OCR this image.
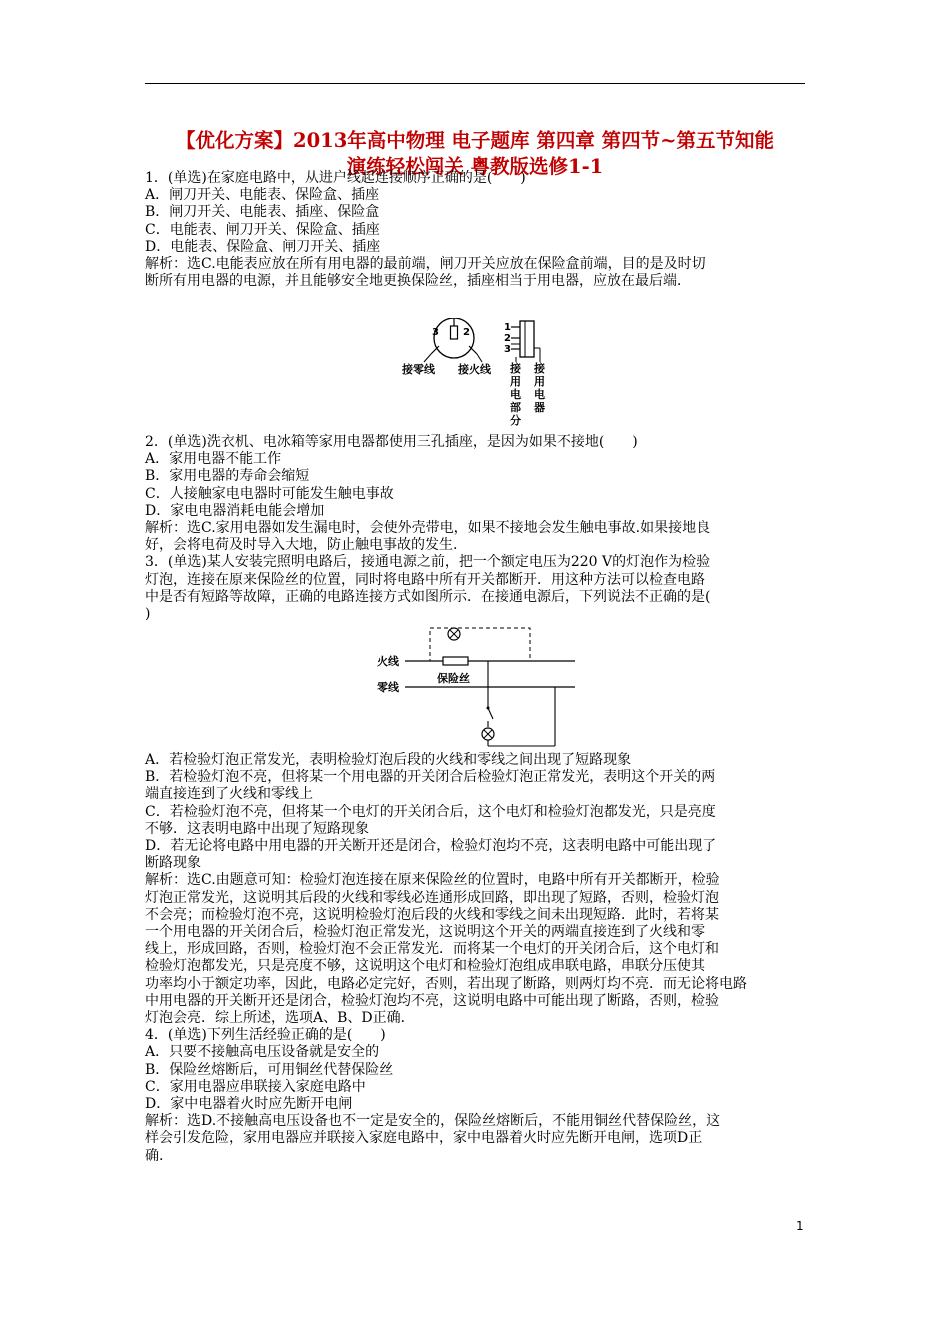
【优化方案】2013年高中物理 电子题库 第四章 第四节~第五节知能
演练轻松闯关 粤教版选修1-1
1．(单选)在家庭电路中，从进户线起连接顺序正确的是(　　)
A．闸刀开关、电能表、保险盒、插座
B．闸刀开关、电能表、插座、保险盒
C．电能表、闸刀开关、保险盒、插座
D．电能表、保险盒、闸刀开关、插座
解析：选C.电能表应放在所有用电器的最前端，闸刀开关应放在保险盒前端，目的是及时切
断所有用电器的电源，并且能够安全地更换保险丝，插座相当于用电器，应放在最后端．
3 2
接零线 接火线
1
2
3
接用电部分
接用电器
2．(单选)洗衣机、电冰箱等家用电器都使用三孔插座，是因为如果不接地(　　)
A．家用电器不能工作
B．家用电器的寿命会缩短
C．人接触家电电器时可能发生触电事故
D．家电电器消耗电能会增加
解析：选C.家用电器如发生漏电时，会使外壳带电，如果不接地会发生触电事故.如果接地良
好，会将电荷及时导入大地，防止触电事故的发生.
3．(单选)某人安装完照明电路后，接通电源之前，把一个额定电压为220 V的灯泡作为检验
灯泡，连接在原来保险丝的位置，同时将电路中所有开关都断开．用这种方法可以检查电路
中是否有短路等故障，正确的电路连接方式如图所示．在接通电源后，下列说法不正确的是(
)
火线
保险丝
零线
A．若检验灯泡正常发光，表明检验灯泡后段的火线和零线之间出现了短路现象
B．若检验灯泡不亮，但将某一个用电器的开关闭合后检验灯泡正常发光，表明这个开关的两
端直接连到了火线和零线上
C．若检验灯泡不亮，但将某一个电灯的开关闭合后，这个电灯和检验灯泡都发光，只是亮度
不够．这表明电路中出现了短路现象
D．若无论将电路中用电器的开关断开还是闭合，检验灯泡均不亮，这表明电路中可能出现了
断路现象
解析：选C.由题意可知：检验灯泡连接在原来保险丝的位置时，电路中所有开关都断开，检验
灯泡正常发光，这说明其后段的火线和零线必连通形成回路，即出现了短路，否则，检验灯泡
不会亮；而检验灯泡不亮，这说明检验灯泡后段的火线和零线之间未出现短路．此时，若将某
一个用电器的开关闭合后，检验灯泡正常发光，这说明这个开关的两端直接连到了火线和零
线上，形成回路，否则，检验灯泡不会正常发光．而将某一个电灯的开关闭合后，这个电灯和
检验灯泡都发光，只是亮度不够，这说明这个电灯和检验灯泡组成串联电路，串联分压使其
功率均小于额定功率，因此，电路必定完好，否则，若出现了断路，则两灯均不亮．而无论将电路
中用电器的开关断开还是闭合，检验灯泡均不亮，这说明电路中可能出现了断路，否则，检验
灯泡会亮．综上所述，选项A、B、D正确．
4．(单选)下列生活经验正确的是(　　)
A．只要不接触高电压设备就是安全的
B．保险丝熔断后，可用铜丝代替保险丝
C．家用电器应串联接入家庭电路中
D．家中电器着火时应先断开电闸
解析：选D.不接触高电压设备也不一定是安全的，保险丝熔断后，不能用铜丝代替保险丝，这
样会引发危险，家用电器应并联接入家庭电路中，家中电器着火时应先断开电闸，选项D正
确.
1
